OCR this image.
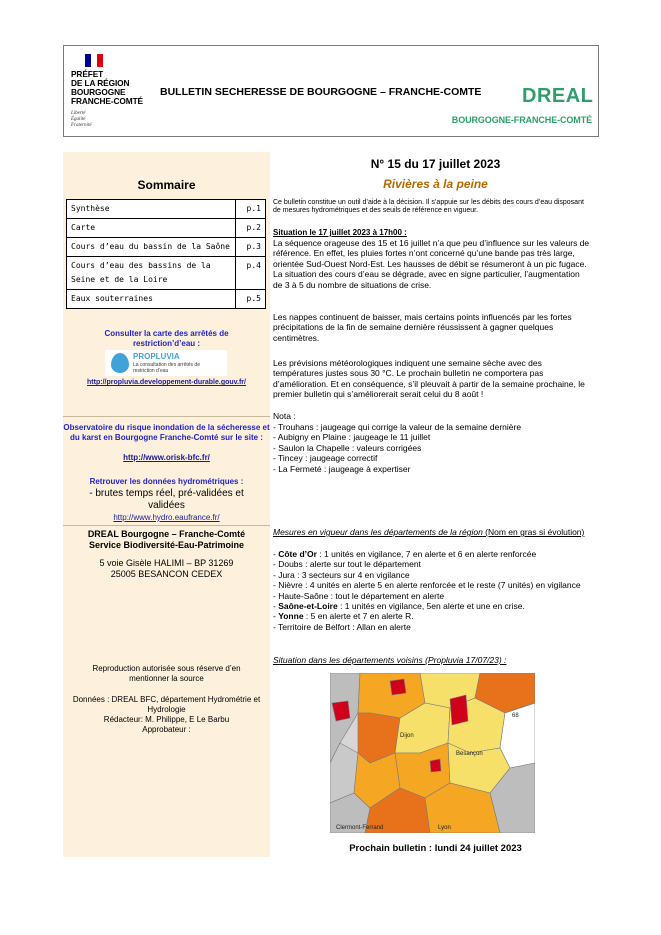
PRÉFET
DE LA RÉGION
BOURGOGNE
FRANCHE-COMTÉ
Liberté
Égalité
Fraternité
BULLETIN SECHERESSE DE BOURGOGNE – FRANCHE-COMTE DREAL
BOURGOGNE-FRANCHE-COMTÉ
Sommaire
Synthèse	p.1
Carte	p.2
Cours d’eau du bassin de la Saône	p.3
Cours d’eau des bassins de la Seine et de la Loire	p.4
Eaux souterraines	p.5
Consulter la carte des arrêtés de restriction’d’eau :
PROPLUVIA
La consultation des arrêtés de restriction d’eau
http://propluvia.developpement-durable.gouv.fr/
Observatoire du risque inondation de la sécheresse et du karst en Bourgogne Franche-Comté sur le site :
http://www.orisk-bfc.fr/
Retrouver les données hydrométriques :
- brutes temps réel, pré-validées et validées
http://www.hydro.eaufrance.fr/
DREAL Bourgogne – Franche-Comté
Service Biodiversité-Eau-Patrimoine
5 voie Gisèle HALIMI – BP 31269
25005 BESANCON CEDEX
Reproduction autorisée sous réserve d’en mentionner la source
Données : DREAL BFC, département Hydrométrie et Hydrologie
Rédacteur: M. Philippe, E Le Barbu
Approbateur :
N° 15 du 17 juillet 2023
Rivières à la peine
Ce bulletin constitue un outil d’aide à la décision. Il s’appuie sur les débits des cours d’eau disposant de mesures hydrométriques et des seuils de référence en vigueur.
Situation le 17 juillet 2023 à 17h00 :
La séquence orageuse des 15 et 16 juillet n’a que peu d’influence sur les valeurs de référence. En effet, les pluies fortes n’ont concerné qu’une bande pas très large, orientée Sud-Ouest Nord-Est. Les hausses de débit se résumeront à un pic fugace. La situation des cours d’eau se dégrade, avec en signe particulier, l’augmentation de 3 à 5 du nombre de situations de crise.
Les nappes continuent de baisser, mais certains points influencés par les fortes précipitations de la fin de semaine dernière réussissent à gagner quelques centimètres.
Les prévisions météorologiques indiquent une semaine sèche avec des températures justes sous 30 °C. Le prochain bulletin ne comportera pas d’amélioration. Et en conséquence, s’il pleuvait à partir de la semaine prochaine, le premier bulletin qui s’améliorerait serait celui du 8 août !
Nota :
- Trouhans : jaugeage qui corrige la valeur de la semaine dernière
- Aubigny en Plaine : jaugeage le 11 juillet
- Saulon la Chapelle : valeurs corrigées
- Tincey : jaugeage correctif
- La Fermeté : jaugeage à expertiser
Mesures en vigueur dans les départements de la région (Nom en gras si évolution)
- Côte d’Or : 1 unités en vigilance, 7 en alerte et 6 en alerte renforcée
- Doubs : alerte sur tout le département
- Jura : 3 secteurs sur 4 en vigilance
- Nièvre : 4 unités en alerte 5 en alerte renforcée et le reste (7 unités) en vigilance
- Haute-Saône : tout le département en alerte
- Saône-et-Loire : 1 unités en vigilance, 5en alerte et une en crise.
- Yonne : 5 en alerte et 7 en alerte R.
- Territoire de Belfort : Allan en alerte
Situation dans les départements voisins (Propluvia 17/07/23) :
Dijon
Besançon
68
Clermont-Ferrand	Lyon
Prochain bulletin : lundi 24 juillet 2023
